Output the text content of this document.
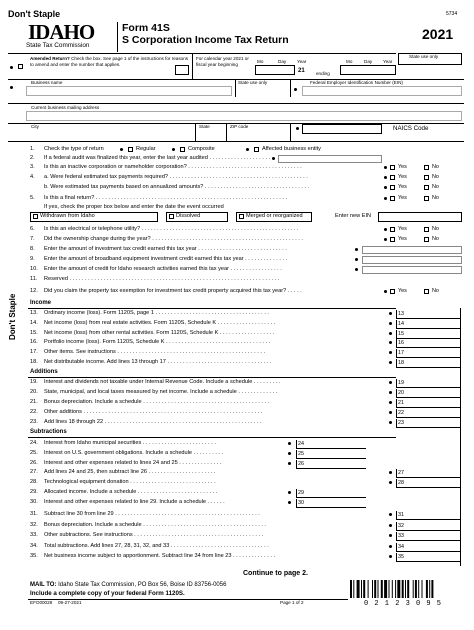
Don't Staple	5734
IDAHO
State Tax Commission
Form 41S
S Corporation Income Tax Return	2021
State use only
Amended Return? Check the box. See page 1 of the instructions for reasons to amend and enter the number that applies.
For calendar year 2021 or fiscal year beginning	Mo	Day Year
21 ending
Mo	Day Year
Business name	State use only	Federal Employer Identification Number (EIN)
Current business mailing address
City	State	ZIP code	NAICS Code
Don't Staple
1. Check the type of return
2. If a federal audit was finalized this year, enter the last year audited . . . . . . . . . . . . . . . . . . . .
3. Is this an inactive corporation or nameholder corporation? . . . . . . . . . . . . . . . . . . . . . . . . . . . . . . . . . . . . .
4. a. Were federal estimated tax payments required? . . . . . . . . . . . . . . . . . . . . . . . . . . . . . . . . . . . . . . . . . . . . .
b. Were estimated tax payments based on annualized amounts? . . . . . . . . . . . . . . . . . . . . . . . . . . . . . . . . . .
5. Is this a final return? . . . . . . . . . . . . . . . . . . . . . . . . . . . . . . . . . . . . . . . . . . . . . . . . . . . . . . . . . . . . . .
If yes, check the proper box below and enter the date the event occurred
6. Is this an electrical or telephone utility? . . . . . . . . . . . . . . . . . . . . . . . . . . . . . . . . . . . . . . . . . . . . . . . . . . .
7. Did the ownership change during the year? . . . . . . . . . . . . . . . . . . . . . . . . . . . . . . . . . . . . . . . . . . . . . . . . .
8. Enter the amount of investment tax credit earned this tax year . . . . . . . . . . . . . . . . . . . . . . . . . . . . .
9. Enter the amount of broadband equipment investment credit earned this tax year . . . . . . . . . . . . . .
10. Enter the amount of credit for Idaho research activities earned this tax year . . . . . . . . . . . . . . . . .
11. Reserved . . . . . . . . . . . . . . . . . . . . . . . . . . . . . . . . . . . . . . . . . . . . . . . . . . . . . . . . . . . . . . . . . . . .
12. Did you claim the property tax exemption for investment tax credit property acquired this tax year? . . . . .
Regular	Composite	Affected business entity
Yes	No
Yes	No
Yes	No
Yes	No
Yes	No
Yes	No
Yes	No
Withdrawn from Idaho	Dissolved	Merged or reorganized	Enter new EIN
Income
13. Ordinary income (loss). Form 1120S, page 1 . . . . . . . . . . . . . . . . . . . . . . . . . . . . . . . . . . . . .	13
14. Net income (loss) from real estate activities. Form 1120S, Schedule K . . . . . . . . . . . . . . . . . . .	14
15. Net income (loss) from other rental activities. Form 1120S, Schedule K . . . . . . . . . . . . . . . . . .	15
16. Portfolio income (loss). Form 1120S, Schedule K . . . . . . . . . . . . . . . . . . . . . . . . . . . . . . . . . .	16
17. Other items. See instructions . . . . . . . . . . . . . . . . . . . . . . . . . . . . . . . . . . . . . . . . . . . . . . . .	17
18. Net distributable income. Add lines 13 through 17 . . . . . . . . . . . . . . . . . . . . . . . . . . . . . . . . . .	18
Additions
19. Interest and dividends not taxable under Internal Revenue Code. Include a schedule . . . . . . . . .	19
20. State, municipal, and local taxes measured by net income. Include a schedule . . . . . . . . . . . . .	20
21. Bonus depreciation. Include a schedule . . . . . . . . . . . . . . . . . . . . . . . . . . . . . . . . . . . . . . . . .	21
22. Other additions . . . . . . . . . . . . . . . . . . . . . . . . . . . . . . . . . . . . . . . . . . . . . . . . . . . . . . . . . .	22
23. Add lines 18 through 22 . . . . . . . . . . . . . . . . . . . . . . . . . . . . . . . . . . . . . . . . . . . . . . . . . . .	23
Subtractions
24. Interest from Idaho municipal securities . . . . . . . . . . . . . . . . . . . . . . . .	24
25. Interest on U.S. government obligations. Include a schedule . . . . . . . . . .	25
26. Interest and other expenses related to lines 24 and 25 . . . . . . . . . . . . . .	26
27. Add lines 24 and 25, then subtract line 26 . . . . . . . . . . . . . . . . . . . . . .	27
28. Technological equipment donation . . . . . . . . . . . . . . . . . . . . . . . . . . . .	28
29. Allocated income. Include a schedule . . . . . . . . . . . . . . . . . . . . . . . . . .	29
30. Interest and other expenses related to line 29. Include a schedule . . . . . .	30
31. Subtract line 30 from line 29 . . . . . . . . . . . . . . . . . . . . . . . . . . . . . . . . . . . . . . . . . . . . . . .	31
32. Bonus depreciation. Include a schedule . . . . . . . . . . . . . . . . . . . . . . . . . . . . . . . . . . . . . . . .	32
33. Other subtractions. See instructions . . . . . . . . . . . . . . . . . . . . . . . . . . . . . . . . . . . . . . . . . .	33
34. Total subtractions. Add lines 27, 28, 31, 32, and 33 . . . . . . . . . . . . . . . . . . . . . . . . . . . . . . . .	34
35. Net business income subject to apportionment. Subtract line 34 from line 23 . . . . . . . . . . . . . .	35
Continue to page 2.
MAIL TO: Idaho State Tax Commission, PO Box 56, Boise ID 83756-0056
Include a complete copy of your federal Form 1120S.
EFO00028 09-27-2021	Page 1 of 2	0 2 1 2 3 0 9 5
